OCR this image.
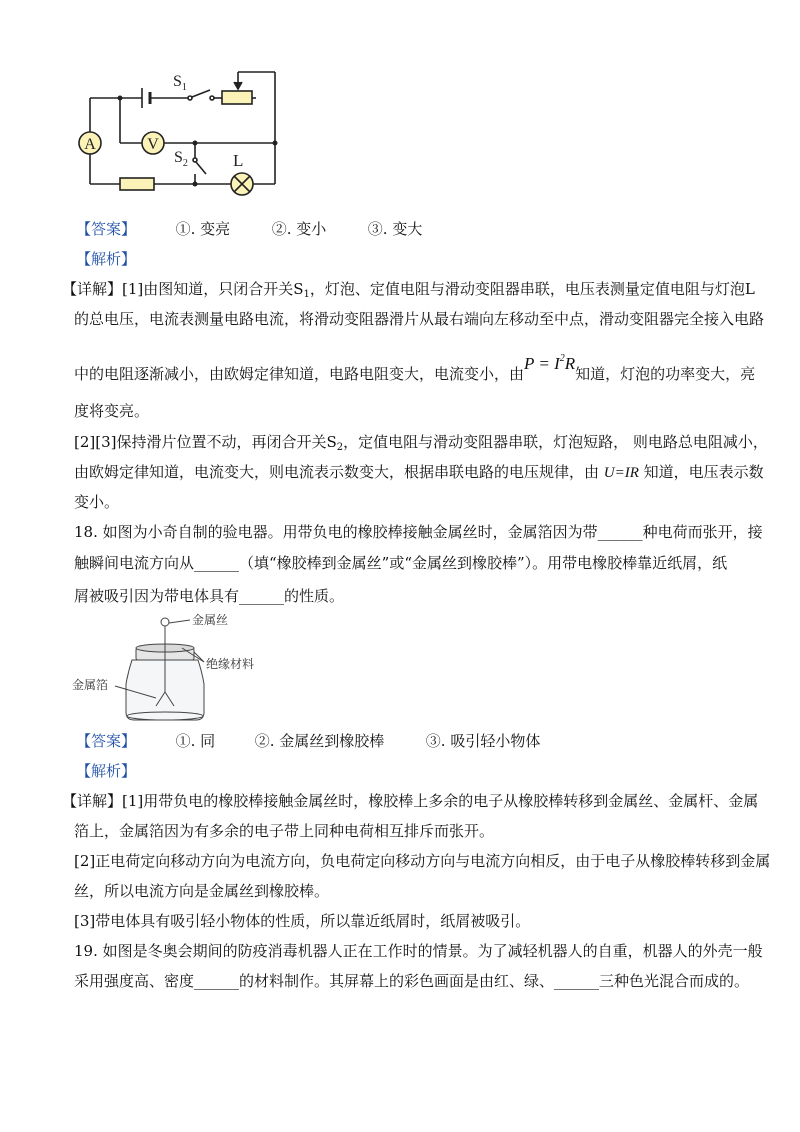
A	V
$S_1$
$S_2$	L
【答案】	①. 变亮	②. 变小	③. 变大
【解析】
【详解】[1]由图知道，只闭合开关$S_1$，灯泡、定值电阻与滑动变阻器串联，电压表测量定值电阻与灯泡L
的总电压，电流表测量电路电流，将滑动变阻器滑片从最右端向左移动至中点，滑动变阻器完全接入电路
中的电阻逐渐减小，由欧姆定律知道，电路电阻变大，电流变小，由$P = I^2R$知道，灯泡的功率变大，亮
度将变亮。
[2][3]保持滑片位置不动，再闭合开关$S_2$，定值电阻与滑动变阻器串联，灯泡短路， 则电路总电阻减小，
由欧姆定律知道，电流变大，则电流表示数变大，根据串联电路的电压规律，由 U=IR 知道，电压表示数
变小。
18. 如图为小奇自制的验电器。用带负电的橡胶棒接触金属丝时，金属箔因为带______种电荷而张开，接
触瞬间电流方向从______（填“橡胶棒到金属丝”或“金属丝到橡胶棒”）。用带电橡胶棒靠近纸屑，纸
屑被吸引因为带电体具有______的性质。
金属丝
绝缘材料
金属箔
【答案】	①. 同	②. 金属丝到橡胶棒	③. 吸引轻小物体
【解析】
【详解】[1]用带负电的橡胶棒接触金属丝时，橡胶棒上多余的电子从橡胶棒转移到金属丝、金属杆、金属
箔上，金属箔因为有多余的电子带上同种电荷相互排斥而张开。
[2]正电荷定向移动方向为电流方向，负电荷定向移动方向与电流方向相反，由于电子从橡胶棒转移到金属
丝，所以电流方向是金属丝到橡胶棒。
[3]带电体具有吸引轻小物体的性质，所以靠近纸屑时，纸屑被吸引。
19. 如图是冬奥会期间的防疫消毒机器人正在工作时的情景。为了减轻机器人的自重，机器人的外壳一般
采用强度高、密度______的材料制作。其屏幕上的彩色画面是由红、绿、______三种色光混合而成的。
